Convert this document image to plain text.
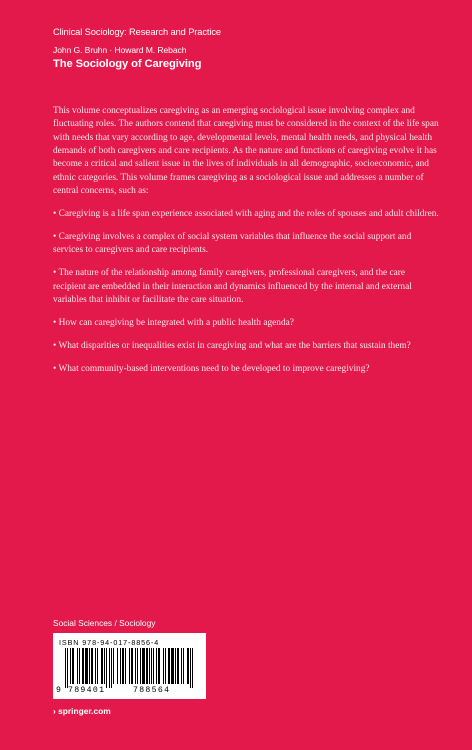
Clinical Sociology: Research and Practice
John G. Bruhn · Howard M. Rebach
The Sociology of Caregiving

This volume conceptualizes caregiving as an emerging sociological issue involving complex and fluctuating roles. The authors contend that caregiving must be considered in the context of the life span with needs that vary according to age, developmental levels, mental health needs, and physical health demands of both caregivers and care recipients. As the nature and functions of caregiving evolve it has become a critical and salient issue in the lives of individuals in all demographic, socioeconomic, and ethnic categories. This volume frames caregiving as a sociological issue and addresses a number of central concerns, such as:

• Caregiving is a life span experience associated with aging and the roles of spouses and adult children.
• Caregiving involves a complex of social system variables that influence the social support and services to caregivers and care recipients.
• The nature of the relationship among family caregivers, professional caregivers, and the care recipient are embedded in their interaction and dynamics influenced by the internal and external variables that inhibit or facilitate the care situation.
• How can caregiving be integrated with a public health agenda?
• What disparities or inequalities exist in caregiving and what are the barriers that sustain them?
• What community-based interventions need to be developed to improve caregiving?
Social Sciences / Sociology
ISBN 978-94-017-8856-4
9 789401	788564
› springer.com
